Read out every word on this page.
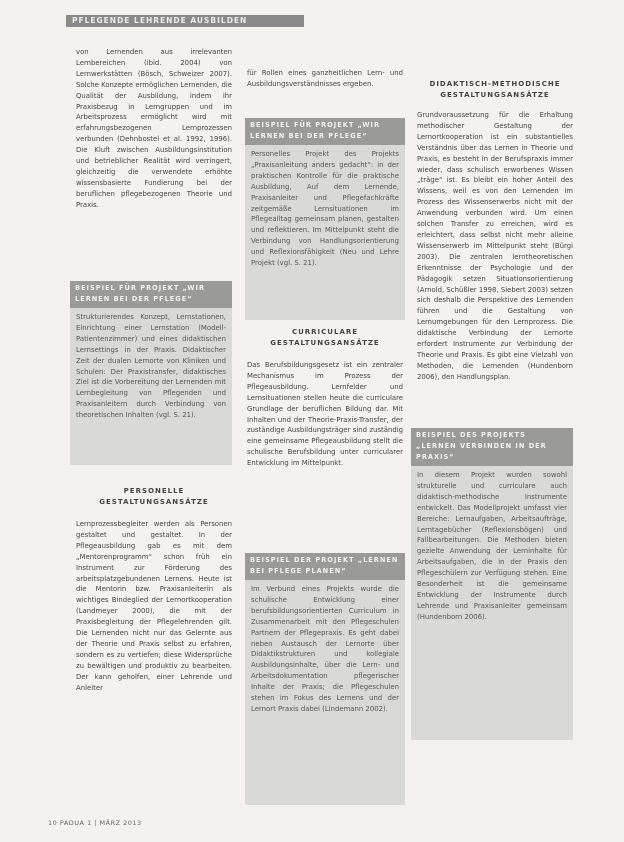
PFLEGENDE LEHRENDE AUSBILDEN

von Lernenden aus irrelevanten Lernbereichen (ibid. 2004) von Lernwerkstätten (Bösch, Schweizer 2007). Solche Konzepte ermöglichen Lernenden, die Qualität der Ausbildung, indem ihr Praxisbezug in Lerngruppen und im Arbeitsprozess ermöglicht wird mit erfahrungsbezogenen Lernprozessen verbunden (Dehnbostel et al. 1992, 1996). Die Kluft zwischen Ausbildungsinstitution und betrieblicher Realität wird verringert, gleichzeitig die verwendete erhöhte wissensbasierte Fundierung bei der beruflichen pflegebezogenen Theorie und Praxis.

BEISPIEL FÜR PROJEKT „WIR LERNEN BEI DER PFLEGE“
Strukturierendes Konzept, Lernstationen, Einrichtung einer Lernstation (Modell-Patientenzimmer) und eines didaktischen Lernsettings in der Praxis. Didaktischer Zeit der dualen Lernorte von Kliniken und Schulen: Der Praxistransfer, didaktisches Ziel ist die Vorbereitung der Lernenden mit Lernbegleitung von Pflegenden und Praxisanleitern durch Verbindung von theoretischen Inhalten (vgl. S. 21).
PERSONELLE
GESTALTUNGSANSÄTZE

Lernprozessbegleiter werden als Personen gestaltet und gestaltet. In der Pflegeausbildung gab es mit dem „Mentorenprogramm“ schon früh ein Instrument zur Förderung des arbeitsplatzgebundenen Lernens. Heute ist die Mentorin bzw. Praxisanleiterin als wichtiges Bindeglied der Lernortkooperation (Landmeyer 2000), die mit der Praxisbegleitung der Pflegelehrenden gilt. Die Lernenden nicht nur das Gelernte aus der Theorie und Praxis selbst zu erfahren, sondern es zu vertiefen; diese Widersprüche zu bewältigen und produktiv zu bearbeiten. Der kann geholfen, einer Lehrende und Anleiter

für Rollen eines ganzheitlichen Lern- und Ausbildungsverständnisses ergeben.

BEISPIEL FÜR PROJEKT „WIR LERNEN BEI DER PFLEGE“
Personelles Projekt des Projekts „Praxisanleitung anders gedacht“: in der praktischen Kontrolle für die praktische Ausbildung, Auf dem Lernende, Praxisanleiter und Pflegefachkräfte zeitgemäße Lernsituationen im Pflegealltag gemeinsam planen, gestalten und reflektieren. Im Mittelpunkt steht die Verbindung von Handlungsorientierung und Reflexionsfähigkeit (Neu und Lehre Projekt (vgl. S. 21).
CURRICULARE
GESTALTUNGSANSÄTZE

Das Berufsbildungsgesetz ist ein zentraler Mechanismus im Prozess der Pflegeausbildung. Lernfelder und Lernsituationen stellen heute die curriculare Grundlage der beruflichen Bildung dar. Mit Inhalten und der Theorie-Praxis-Transfer, der zuständige Ausbildungsträger sind zuständig eine gemeinsame Pflegeausbildung stellt die schulische Berufsbildung unter curricularer Entwicklung im Mittelpunkt.

BEISPIEL DER PROJEKT „LERNEN BEI PFLEGE PLANEN“
Im Verbund eines Projekts wurde die schulische Entwicklung einer berufsbildungsorientierten Curriculum in Zusammenarbeit mit den Pflegeschulen Partnern der Pflegepraxis. Es geht dabei neben Austausch der Lernorte über Didaktikstrukturen und kollegiale Ausbildungsinhalte, über die Lern- und Arbeitsdokumentation pflegerischer Inhalte der Praxis; die Pflegeschulen stehen im Fokus des Lernens und der Lernort Praxis dabei (Lindemann 2002).
DIDAKTISCH-METHODISCHE
GESTALTUNGSANSÄTZE

Grundvoraussetzung für die Erhaltung methodischer Gestaltung der Lernortkooperation ist ein substantielles Verständnis über das Lernen in Theorie und Praxis, es besteht in der Berufspraxis immer wieder, dass schulisch erworbenes Wissen „träge“ ist. Es bleibt ein hoher Anteil des Wissens, weil es von den Lernenden im Prozess des Wissenserwerbs nicht mit der Anwendung verbunden wird. Um einen solchen Transfer zu erreichen, wird es erleichtert, dass selbst nicht mehr alleine Wissenserwerb im Mittelpunkt steht (Bürgi 2003). Die zentralen lerntheoretischen Erkenntnisse der Psychologie und der Pädagogik setzen Situationsorientierung (Arnold, Schüßler 1998, Siebert 2003) setzen sich deshalb die Perspektive des Lernenden führen und die Gestaltung von Lernumgebungen für den Lernprozess. Die didaktische Verbindung der Lernorte erfordert Instrumente zur Verbindung der Theorie und Praxis. Es gibt eine Vielzahl von Methoden, die Lernenden (Hundenborn 2006), den Handlungsplan.

BEISPIEL DES PROJEKTS „LERNEN VERBINDEN IN DER PRAXIS“
In diesem Projekt wurden sowohl strukturelle und curriculare auch didaktisch-methodische Instrumente entwickelt. Das Modellprojekt umfasst vier Bereiche: Lernaufgaben, Arbeitsaufträge, Lerntagebücher (Reflexionsbögen) und Fallbearbeitungen. Die Methoden bieten gezielte Anwendung der Lerninhalte für Arbeitsaufgaben, die in der Praxis den Pflegeschülern zur Verfügung stehen. Eine Besonderheit ist die gemeinsame Entwicklung der Instrumente durch Lehrende und Praxisanleiter gemeinsam (Hundenborn 2006).
10 PADUA 1 | MÄRZ 2013
